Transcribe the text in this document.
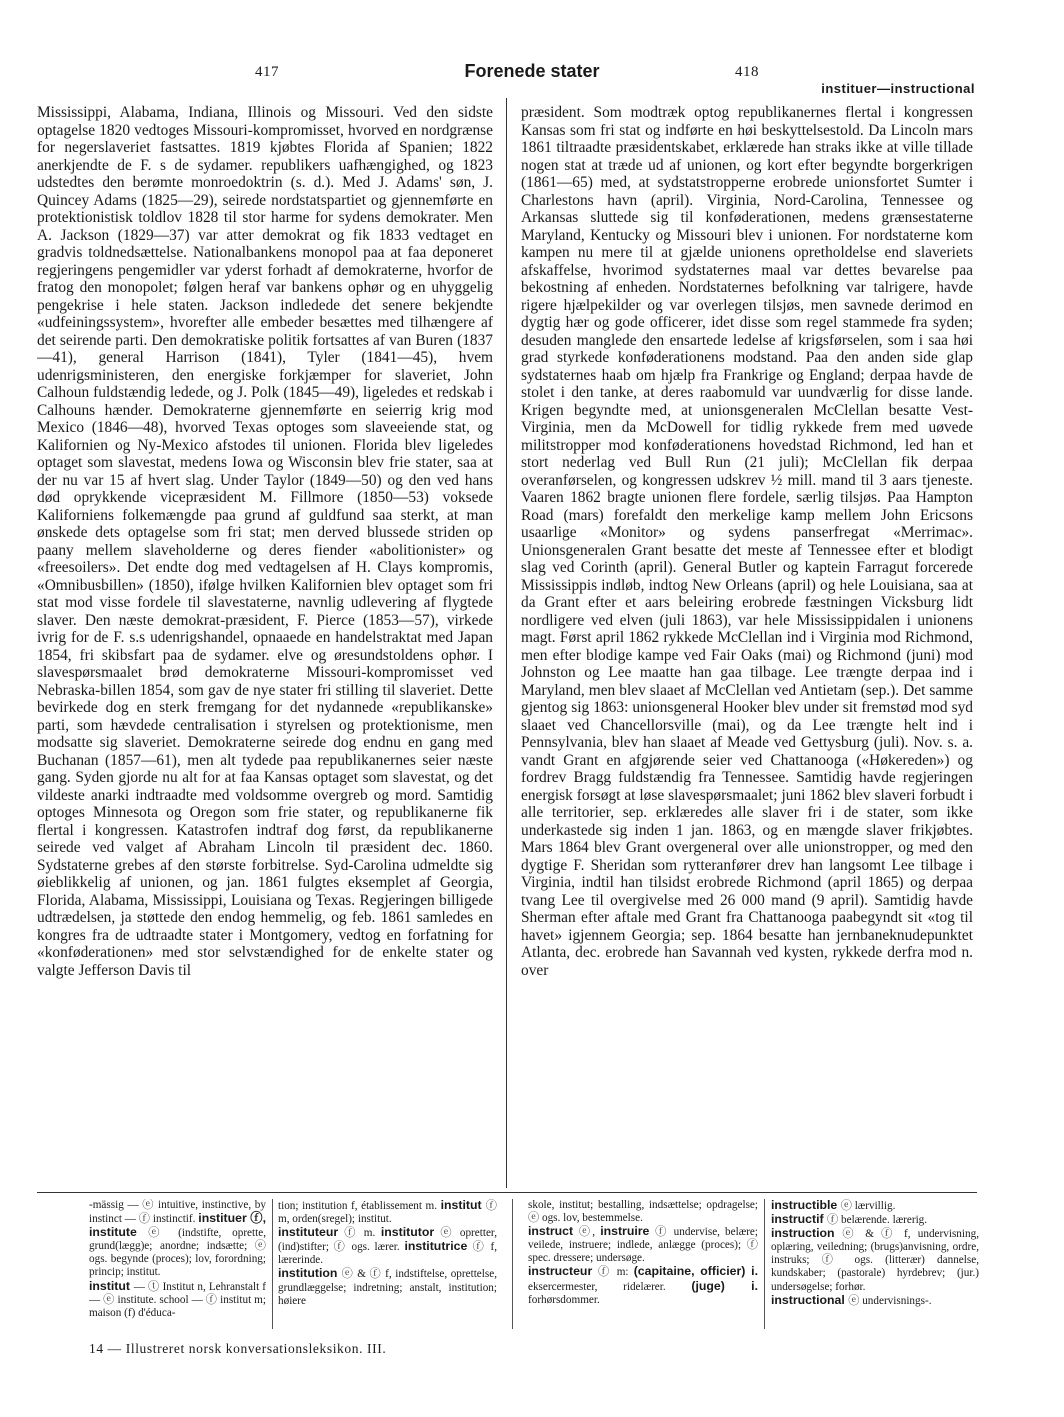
417	Forenede stater	418
instituer—instructional

Mississippi, Alabama, Indiana, Illinois og Missouri. Ved den sidste optagelse 1820 vedtoges Missouri-kompromisset, hvorved en nordgrænse for negerslaveriet fastsattes. 1819 kjøbtes Florida af Spanien; 1822 anerkjendte de F. s de sydamer. republikers uafhængighed, og 1823 udstedtes den berømte monroedoktrin (s. d.). Med J. Adams' søn, J. Quincey Adams (1825—29), seirede nordstatspartiet og gjennemførte en protektionistisk toldlov 1828 til stor harme for sydens demokrater. Men A. Jackson (1829—37) var atter demokrat og fik 1833 vedtaget en gradvis toldnedsættelse. Nationalbankens monopol paa at faa deponeret regjeringens pengemidler var yderst forhadt af demokraterne, hvorfor de fratog den monopolet; følgen heraf var bankens ophør og en uhyggelig pengekrise i hele staten. Jackson indledede det senere bekjendte «udfeiningssystem», hvorefter alle embeder besættes med tilhængere af det seirende parti. Den demokratiske politik fortsattes af van Buren (1837—41), general Harrison (1841), Tyler (1841—45), hvem udenrigsministeren, den energiske forkjæmper for slaveriet, John Calhoun fuldstændig ledede, og J. Polk (1845—49), ligeledes et redskab i Calhouns hænder. Demokraterne gjennemførte en seierrig krig mod Mexico (1846—48), hvorved Texas optoges som slaveeiende stat, og Kalifornien og Ny-Mexico afstodes til unionen. Florida blev ligeledes optaget som slavestat, medens Iowa og Wisconsin blev frie stater, saa at der nu var 15 af hvert slag. Under Taylor (1849—50) og den ved hans død oprykkende vicepræsident M. Fillmore (1850—53) voksede Kaliforniens folkemængde paa grund af guldfund saa sterkt, at man ønskede dets optagelse som fri stat; men derved blussede striden op paany mellem slaveholderne og deres fiender «abolitionister» og «freesoilers». Det endte dog med vedtagelsen af H. Clays kompromis, «Omnibusbillen» (1850), ifølge hvilken Kalifornien blev optaget som fri stat mod visse fordele til slavestaterne, navnlig udlevering af flygtede slaver. Den næste demokrat-præsident, F. Pierce (1853—57), virkede ivrig for de F. s.s udenrigshandel, opnaaede en handelstraktat med Japan 1854, fri skibsfart paa de sydamer. elve og øresundstoldens ophør. I slavespørsmaalet brød demokraterne Missouri-kompromisset ved Nebraska-billen 1854, som gav de nye stater fri stilling til slaveriet. Dette bevirkede dog en sterk fremgang for det nydannede «republikanske» parti, som hævdede centralisation i styrelsen og protektionisme, men modsatte sig slaveriet. Demokraterne seirede dog endnu en gang med Buchanan (1857—61), men alt tydede paa republikanernes seier næste gang. Syden gjorde nu alt for at faa Kansas optaget som slavestat, og det vildeste anarki indtraadte med voldsomme overgreb og mord. Samtidig optoges Minnesota og Oregon som frie stater, og republikanerne fik flertal i kongressen. Katastrofen indtraf dog først, da republikanerne seirede ved valget af Abraham Lincoln til præsident dec. 1860. Sydstaterne grebes af den største forbitrelse. Syd-Carolina udmeldte sig øieblikkelig af unionen, og jan. 1861 fulgtes eksemplet af Georgia, Florida, Alabama, Mississippi, Louisiana og Texas. Regjeringen billigede udtrædelsen, ja støttede den endog hemmelig, og feb. 1861 samledes en kongres fra de udtraadte stater i Montgomery, vedtog en forfatning for «konføderationen» med stor selvstændighed for de enkelte stater og valgte Jefferson Davis til

præsident. Som modtræk optog republikanernes flertal i kongressen Kansas som fri stat og indførte en høi beskyttelsestold. Da Lincoln mars 1861 tiltraadte præsidentskabet, erklærede han straks ikke at ville tillade nogen stat at træde ud af unionen, og kort efter begyndte borgerkrigen (1861—65) med, at sydstatstropperne erobrede unionsfortet Sumter i Charlestons havn (april). Virginia, Nord-Carolina, Tennessee og Arkansas sluttede sig til konføderationen, medens grænsestaterne Maryland, Kentucky og Missouri blev i unionen. For nordstaterne kom kampen nu mere til at gjælde unionens opretholdelse end slaveriets afskaffelse, hvorimod sydstaternes maal var dettes bevarelse paa bekostning af enheden. Nordstaternes befolkning var talrigere, havde rigere hjælpekilder og var overlegen tilsjøs, men savnede derimod en dygtig hær og gode officerer, idet disse som regel stammede fra syden; desuden manglede den ensartede ledelse af krigsførselen, som i saa høi grad styrkede konføderationens modstand. Paa den anden side glap sydstaternes haab om hjælp fra Frankrige og England; derpaa havde de stolet i den tanke, at deres raabomuld var uundværlig for disse lande. Krigen begyndte med, at unionsgeneralen McClellan besatte Vest-Virginia, men da McDowell for tidlig rykkede frem med uøvede militstropper mod konføderationens hovedstad Richmond, led han et stort nederlag ved Bull Run (21 juli); McClellan fik derpaa overanførselen, og kongressen udskrev ½ mill. mand til 3 aars tjeneste. Vaaren 1862 bragte unionen flere fordele, særlig tilsjøs. Paa Hampton Road (mars) forefaldt den merkelige kamp mellem John Ericsons usaarlige «Monitor» og sydens panserfregat «Merrimac». Unionsgeneralen Grant besatte det meste af Tennessee efter et blodigt slag ved Corinth (april). General Butler og kaptein Farragut forcerede Mississippis indløb, indtog New Orleans (april) og hele Louisiana, saa at da Grant efter et aars beleiring erobrede fæstningen Vicksburg lidt nordligere ved elven (juli 1863), var hele Mississippidalen i unionens magt. Først april 1862 rykkede McClellan ind i Virginia mod Richmond, men efter blodige kampe ved Fair Oaks (mai) og Richmond (juni) mod Johnston og Lee maatte han gaa tilbage. Lee trængte derpaa ind i Maryland, men blev slaaet af McClellan ved Antietam (sep.). Det samme gjentog sig 1863: unionsgeneral Hooker blev under sit fremstød mod syd slaaet ved Chancellorsville (mai), og da Lee trængte helt ind i Pennsylvania, blev han slaaet af Meade ved Gettysburg (juli). Nov. s. a. vandt Grant en afgjørende seier ved Chattanooga («Høkereden») og fordrev Bragg fuldstændig fra Tennessee. Samtidig havde regjeringen energisk forsøgt at løse slavespørsmaalet; juni 1862 blev slaveri forbudt i alle territorier, sep. erklæredes alle slaver fri i de stater, som ikke underkastede sig inden 1 jan. 1863, og en mængde slaver frikjøbtes. Mars 1864 blev Grant overgeneral over alle unionstropper, og med den dygtige F. Sheridan som rytteranfører drev han langsomt Lee tilbage i Virginia, indtil han tilsidst erobrede Richmond (april 1865) og derpaa tvang Lee til overgivelse med 26 000 mand (9 april). Samtidig havde Sherman efter aftale med Grant fra Chattanooga paabegyndt sit «tog til havet» igjennem Georgia; sep. 1864 besatte han jernbaneknudepunktet Atlanta, dec. erobrede han Savannah ved kysten, rykkede derfra mod n. over

-mässig — ⓔ intuitive, instinctive, by instinct — ⓕ instinctif. instituer ⓕ, institute ⓔ (indstifte, oprette, grund(lægg)e; anordne; indsætte; ⓔ ogs. begynde (proces); lov, forordning; princip; institut.

institut — ⓣ Institut n, Lehranstalt f — ⓔ institute. school — ⓕ institut m; maison (f) d'éduca-

tion; institution f, établissement m. institut ⓕ m, orden(sregel); institut.

instituteur ⓕ m. institutor ⓔ opretter, (ind)stifter; ⓕ ogs. lærer. institutrice ⓕ f, lærerinde.

institution ⓔ & ⓕ f, indstiftelse, oprettelse, grundlæggelse; indretning; anstalt, institution; høiere

skole, institut; bestalling, indsættelse; opdragelse; ⓔ ogs. lov, bestemmelse.

instruct ⓔ, instruire ⓕ undervise, belære; veilede, instruere; indlede, anlægge (proces); ⓕ spec. dressere; undersøge.

instructeur ⓕ m: (capitaine, officier) i. eksercermester, ridelærer. (juge) i. forhørsdommer.

instructible ⓔ lærvillig.

instructif ⓕ belærende. lærerig.

instruction ⓔ & ⓕ f, undervisning, oplæring, veiledning; (brugs)anvisning, ordre, instruks; ⓕ ogs. (litterær) dannelse, kundskaber; (pastorale) hyrdebrev; (jur.) undersøgelse; forhør.

instructional ⓔ undervisnings-.

14 — Illustreret norsk konversationsleksikon. III.
